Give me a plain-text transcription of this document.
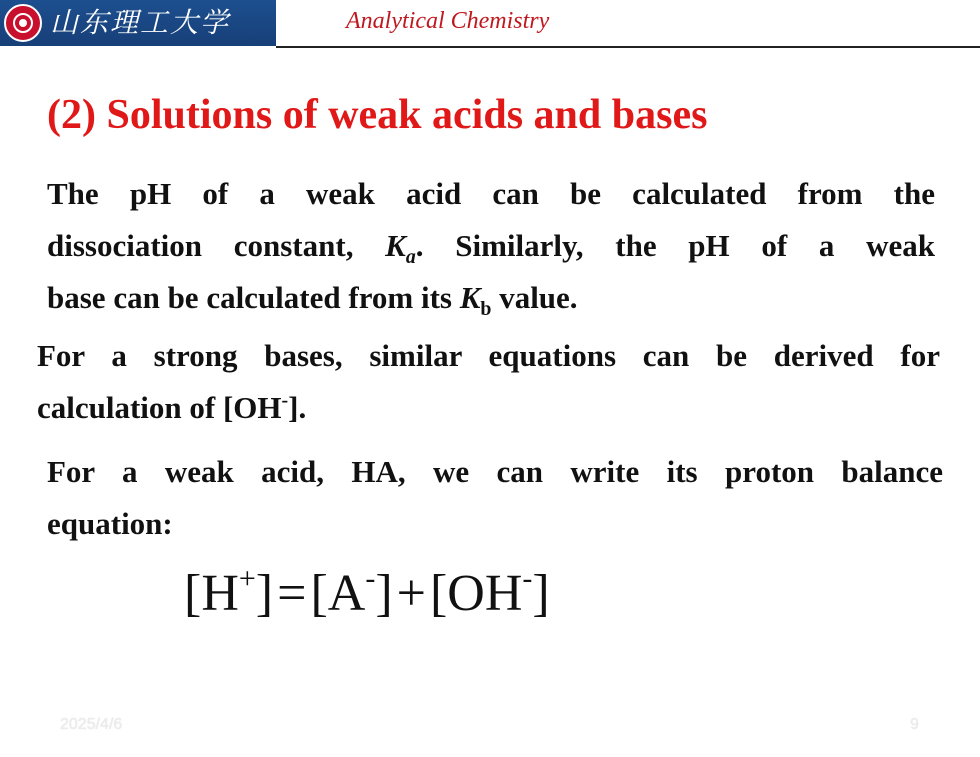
山东理工大学	Analytical Chemistry
(2) Solutions of weak acids and bases
The pH of a weak acid can be calculated from the
dissociation constant, $K_a$. Similarly, the pH of a weak
base can be calculated from its $K_b$ value.
For a strong bases, similar equations can be derived for
calculation of [OH-].
For a weak acid, HA, we can write its proton balance
equation:
[H+]=[A-]+[OH-]
2025/4/6	9
